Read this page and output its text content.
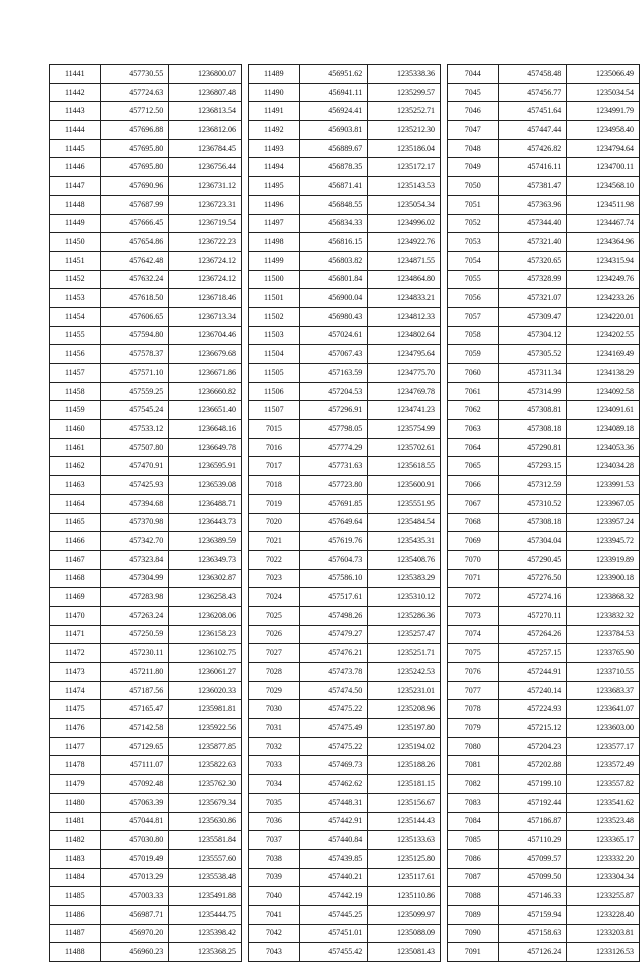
11441	457730.55	1236800.07
11442	457724.63	1236807.48
11443	457712.50	1236813.54
11444	457696.88	1236812.06
11445	457695.80	1236784.45
11446	457695.80	1236756.44
11447	457690.96	1236731.12
11448	457687.99	1236723.31
11449	457666.45	1236719.54
11450	457654.86	1236722.23
11451	457642.48	1236724.12
11452	457632.24	1236724.12
11453	457618.50	1236718.46
11454	457606.65	1236713.34
11455	457594.80	1236704.46
11456	457578.37	1236679.68
11457	457571.10	1236671.86
11458	457559.25	1236660.82
11459	457545.24	1236651.40
11460	457533.12	1236648.16
11461	457507.80	1236649.78
11462	457470.91	1236595.91
11463	457425.93	1236539.08
11464	457394.68	1236488.71
11465	457370.98	1236443.73
11466	457342.70	1236389.59
11467	457323.84	1236349.73
11468	457304.99	1236302.87
11469	457283.98	1236258.43
11470	457263.24	1236208.06
11471	457250.59	1236158.23
11472	457230.11	1236102.75
11473	457211.80	1236061.27
11474	457187.56	1236020.33
11475	457165.47	1235981.81
11476	457142.58	1235922.56
11477	457129.65	1235877.85
11478	457111.07	1235822.63
11479	457092.48	1235762.30
11480	457063.39	1235679.34
11481	457044.81	1235630.86
11482	457030.80	1235581.84
11483	457019.49	1235557.60
11484	457013.29	1235538.48
11485	457003.33	1235491.88
11486	456987.71	1235444.75
11487	456970.20	1235398.42
11488	456960.23	1235368.25
11489	456951.62	1235338.36
11490	456941.11	1235299.57
11491	456924.41	1235252.71
11492	456903.81	1235212.30
11493	456889.67	1235186.04
11494	456878.35	1235172.17
11495	456871.41	1235143.53
11496	456848.55	1235054.34
11497	456834.33	1234996.02
11498	456816.15	1234922.76
11499	456803.82	1234871.55
11500	456801.84	1234864.80
11501	456900.04	1234833.21
11502	456980.43	1234812.33
11503	457024.61	1234802.64
11504	457067.43	1234795.64
11505	457163.59	1234775.70
11506	457204.53	1234769.78
11507	457296.91	1234741.23
7015	457798.05	1235754.99
7016	457774.29	1235702.61
7017	457731.63	1235618.55
7018	457723.80	1235600.91
7019	457691.85	1235551.95
7020	457649.64	1235484.54
7021	457619.76	1235435.31
7022	457604.73	1235408.76
7023	457586.10	1235383.29
7024	457517.61	1235310.12
7025	457498.26	1235286.36
7026	457479.27	1235257.47
7027	457476.21	1235251.71
7028	457473.78	1235242.53
7029	457474.50	1235231.01
7030	457475.22	1235208.96
7031	457475.49	1235197.80
7032	457475.22	1235194.02
7033	457469.73	1235188.26
7034	457462.62	1235181.15
7035	457448.31	1235156.67
7036	457442.91	1235144.43
7037	457440.84	1235133.63
7038	457439.85	1235125.80
7039	457440.21	1235117.61
7040	457442.19	1235110.86
7041	457445.25	1235099.97
7042	457451.01	1235088.09
7043	457455.42	1235081.43
7044	457458.48	1235066.49
7045	457456.77	1235034.54
7046	457451.64	1234991.79
7047	457447.44	1234958.40
7048	457426.82	1234794.64
7049	457416.11	1234700.11
7050	457381.47	1234568.10
7051	457363.96	1234511.98
7052	457344.40	1234467.74
7053	457321.40	1234364.96
7054	457320.65	1234315.94
7055	457328.99	1234249.76
7056	457321.07	1234233.26
7057	457309.47	1234220.01
7058	457304.12	1234202.55
7059	457305.52	1234169.49
7060	457311.34	1234138.29
7061	457314.99	1234092.58
7062	457308.81	1234091.61
7063	457308.18	1234089.18
7064	457290.81	1234053.36
7065	457293.15	1234034.28
7066	457312.59	1233991.53
7067	457310.52	1233967.05
7068	457308.18	1233957.24
7069	457304.04	1233945.72
7070	457290.45	1233919.89
7071	457276.50	1233900.18
7072	457274.16	1233868.32
7073	457270.11	1233832.32
7074	457264.26	1233784.53
7075	457257.15	1233765.90
7076	457244.91	1233710.55
7077	457240.14	1233683.37
7078	457224.93	1233641.07
7079	457215.12	1233603.00
7080	457204.23	1233577.17
7081	457202.88	1233572.49
7082	457199.10	1233557.82
7083	457192.44	1233541.62
7084	457186.87	1233523.48
7085	457110.29	1233365.17
7086	457099.57	1233332.20
7087	457099.50	1233304.34
7088	457146.33	1233255.87
7089	457159.94	1233228.40
7090	457158.63	1233203.81
7091	457126.24	1233126.53
